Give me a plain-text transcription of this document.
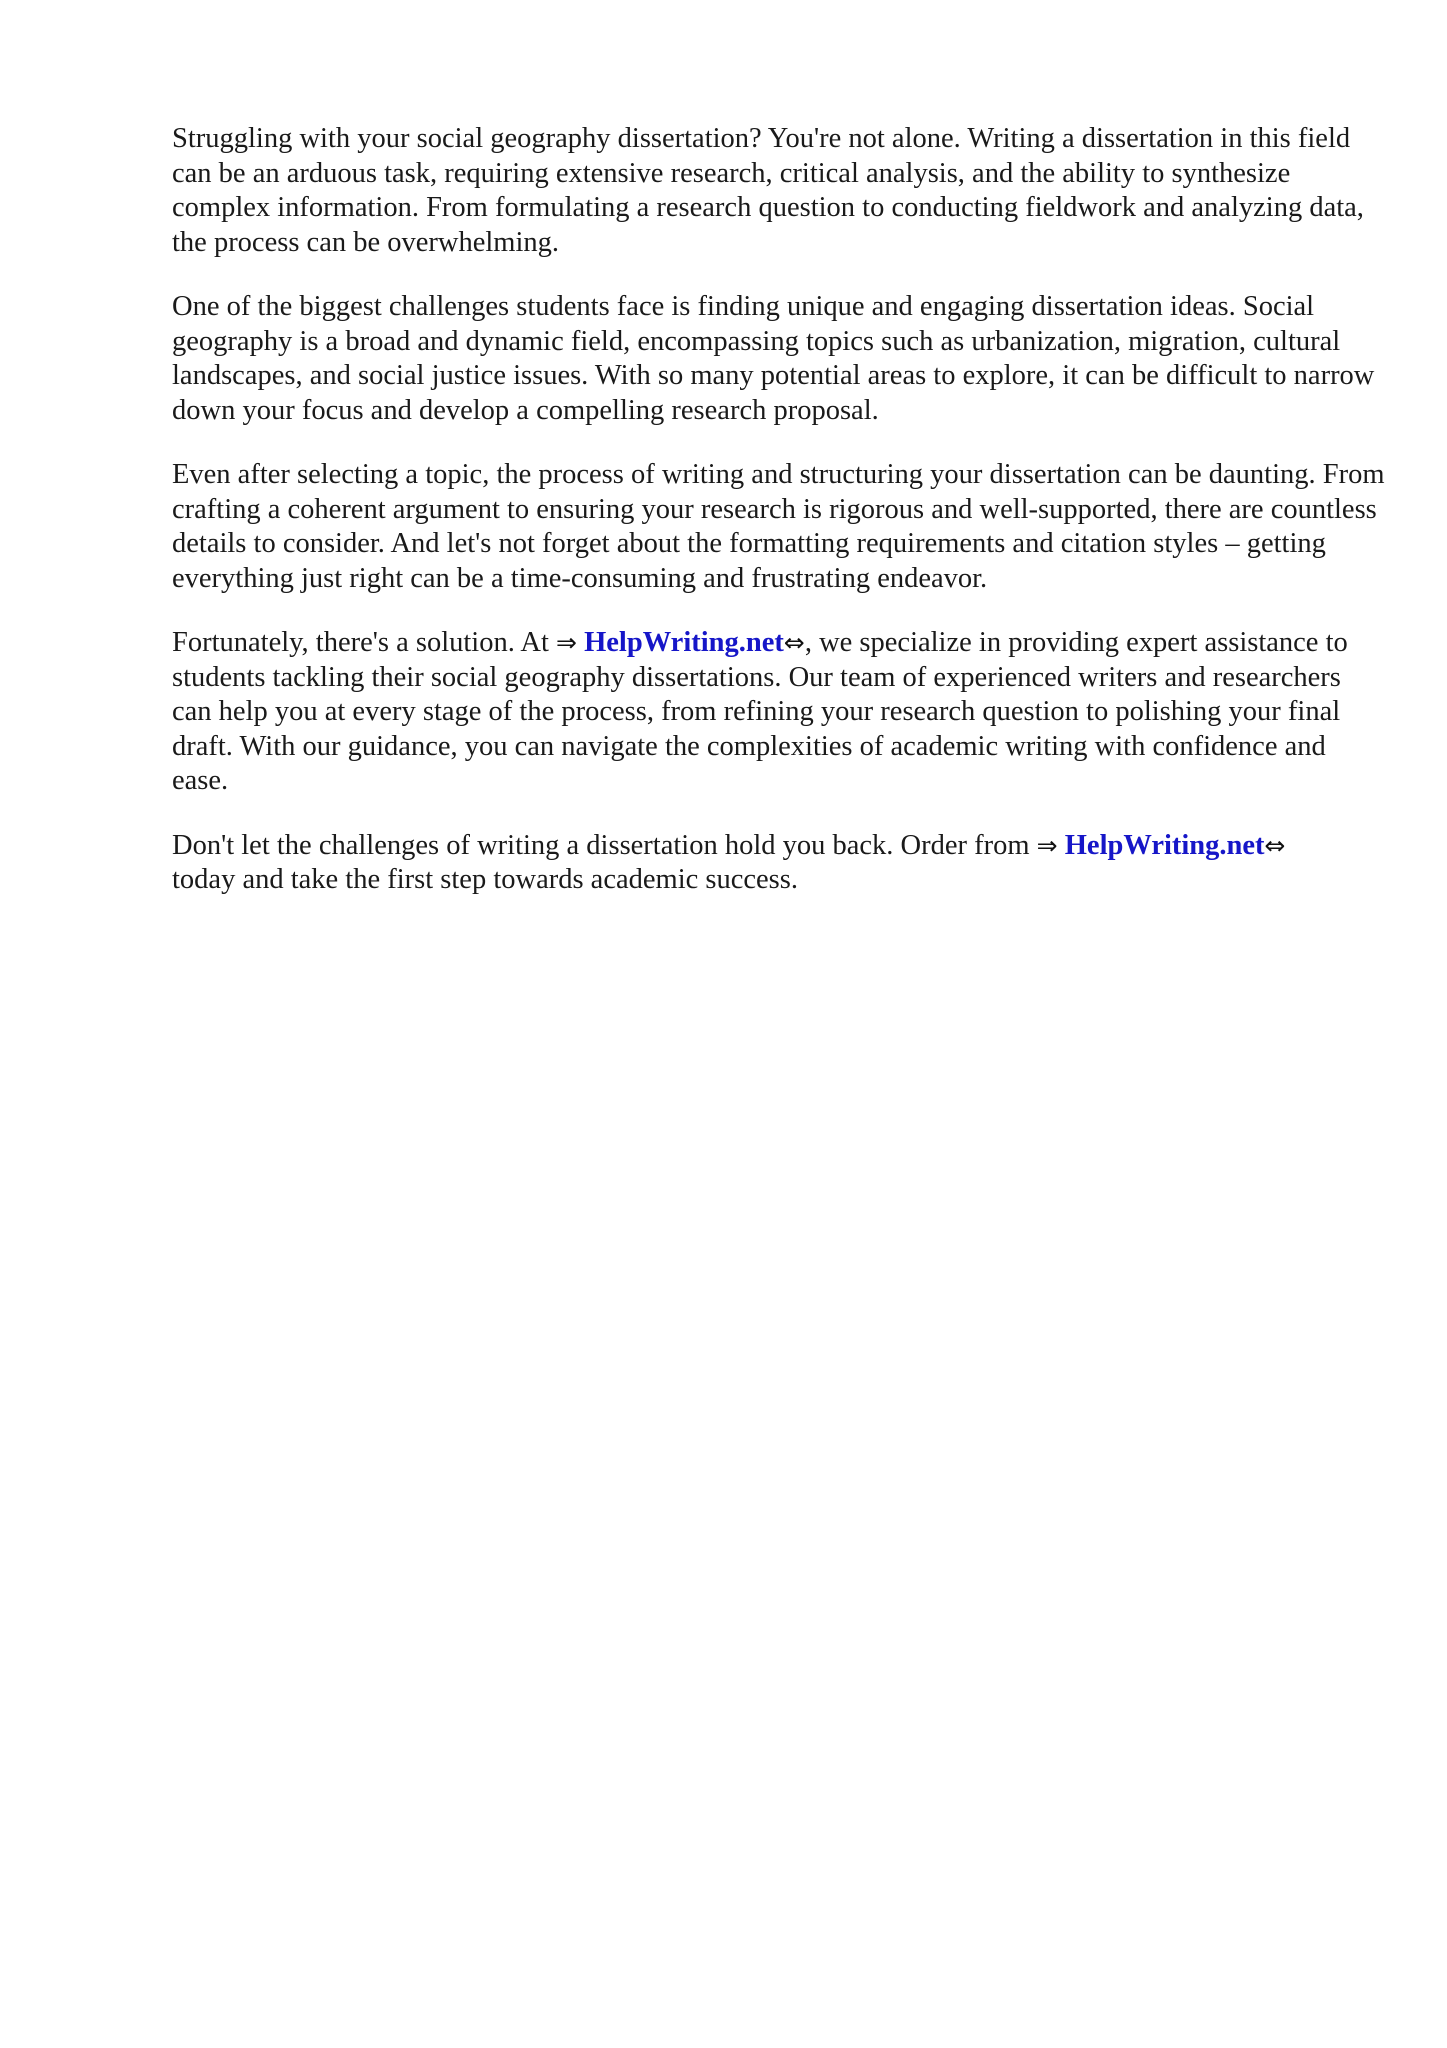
Struggling with your social geography dissertation? You're not alone. Writing a dissertation in this field can be an arduous task, requiring extensive research, critical analysis, and the ability to synthesize complex information. From formulating a research question to conducting fieldwork and analyzing data, the process can be overwhelming.

One of the biggest challenges students face is finding unique and engaging dissertation ideas. Social geography is a broad and dynamic field, encompassing topics such as urbanization, migration, cultural landscapes, and social justice issues. With so many potential areas to explore, it can be difficult to narrow down your focus and develop a compelling research proposal.

Even after selecting a topic, the process of writing and structuring your dissertation can be daunting. From crafting a coherent argument to ensuring your research is rigorous and well-supported, there are countless details to consider. And let's not forget about the formatting requirements and citation styles – getting everything just right can be a time-consuming and frustrating endeavor.

Fortunately, there's a solution. At ⇒ HelpWriting.net⇔, we specialize in providing expert assistance to students tackling their social geography dissertations. Our team of experienced writers and researchers can help you at every stage of the process, from refining your research question to polishing your final draft. With our guidance, you can navigate the complexities of academic writing with confidence and ease.

Don't let the challenges of writing a dissertation hold you back. Order from ⇒ HelpWriting.net⇔
today and take the first step towards academic success.
